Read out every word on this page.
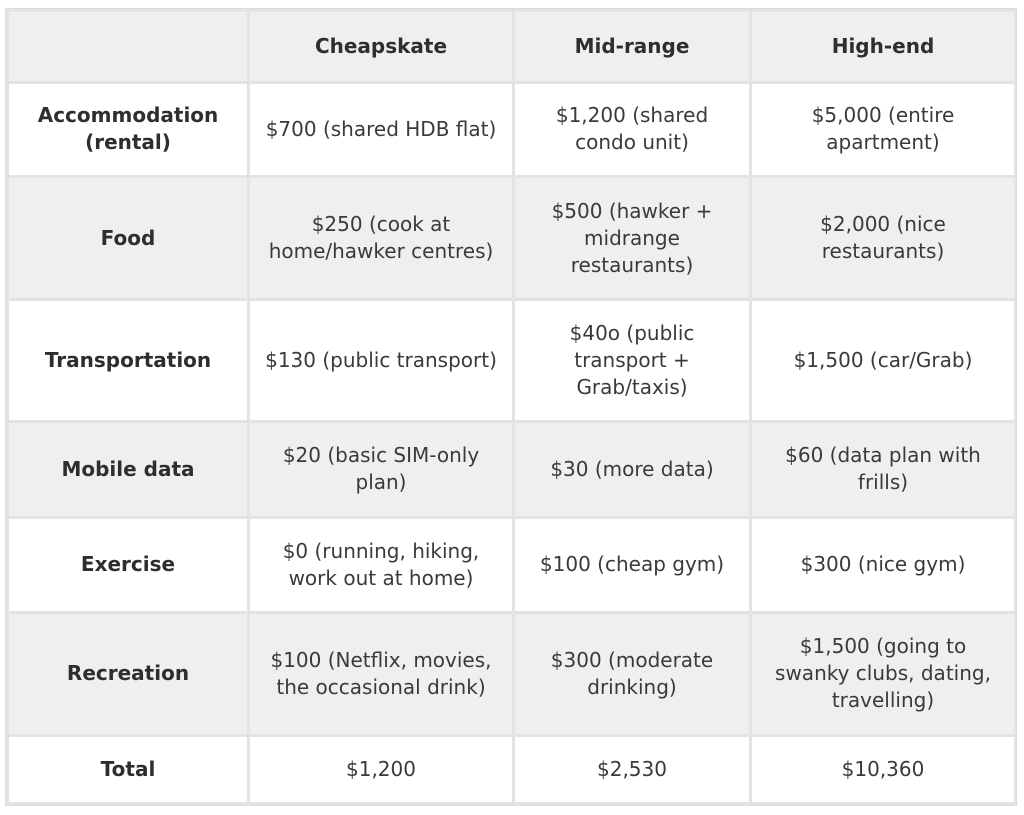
	Cheapskate	Mid-range	High-end
Accommodation (rental)	$700 (shared HDB flat)	$1,200 (shared condo unit)	$5,000 (entire apartment)
Food	$250 (cook at home/hawker centres)	$500 (hawker + midrange restaurants)	$2,000 (nice restaurants)
Transportation	$130 (public transport)	$40o (public transport + Grab/taxis)	$1,500 (car/Grab)
Mobile data	$20 (basic SIM-only plan)	$30 (more data)	$60 (data plan with frills)
Exercise	$0 (running, hiking, work out at home)	$100 (cheap gym)	$300 (nice gym)
Recreation	$100 (Netflix, movies, the occasional drink)	$300 (moderate drinking)	$1,500 (going to swanky clubs, dating, travelling)
Total	$1,200	$2,530	$10,360
